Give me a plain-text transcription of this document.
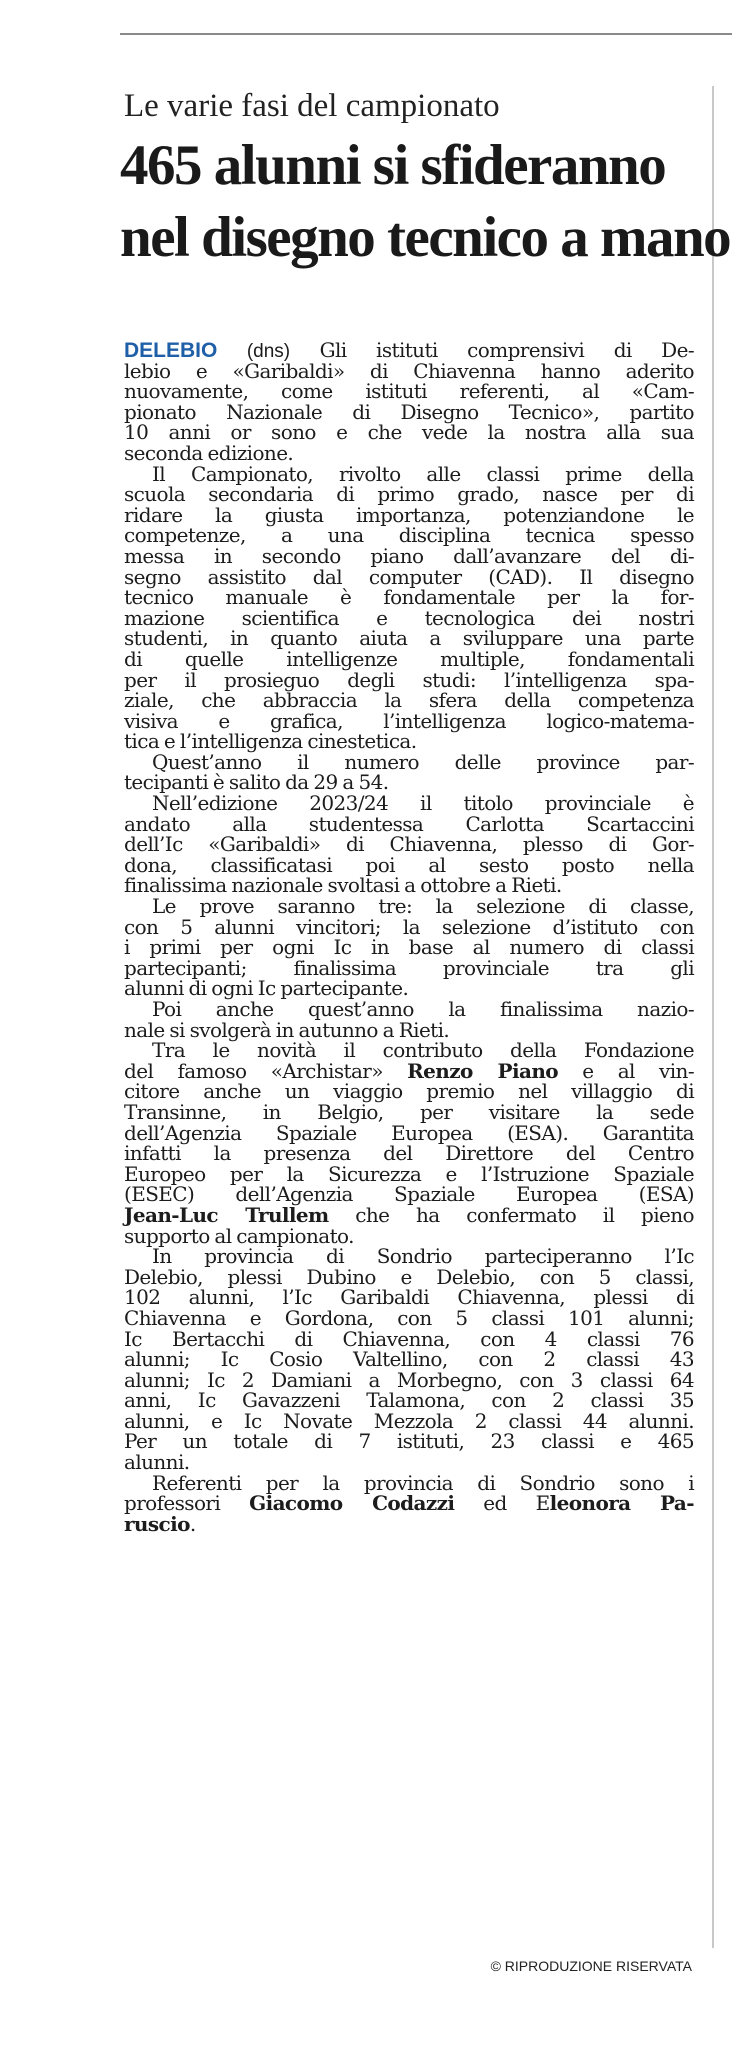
Le varie fasi del campionato
465 alunni si sfideranno
nel disegno tecnico a mano
DELEBIO (dns) Gli istituti comprensivi di De-
lebio e «Garibaldi» di Chiavenna hanno aderito
nuovamente, come istituti referenti, al «Cam-
pionato Nazionale di Disegno Tecnico», partito
10 anni or sono e che vede la nostra alla sua
seconda edizione.
Il Campionato, rivolto alle classi prime della
scuola secondaria di primo grado, nasce per di
ridare la giusta importanza, potenziandone le
competenze, a una disciplina tecnica spesso
messa in secondo piano dall’avanzare del di-
segno assistito dal computer (CAD). Il disegno
tecnico manuale è fondamentale per la for-
mazione scientifica e tecnologica dei nostri
studenti, in quanto aiuta a sviluppare una parte
di quelle intelligenze multiple, fondamentali
per il prosieguo degli studi: l’intelligenza spa-
ziale, che abbraccia la sfera della competenza
visiva e grafica, l’intelligenza logico-matema-
tica e l’intelligenza cinestetica.
Quest’anno il numero delle province par-
tecipanti è salito da 29 a 54.
Nell’edizione 2023/24 il titolo provinciale è
andato alla studentessa Carlotta Scartaccini
dell’Ic «Garibaldi» di Chiavenna, plesso di Gor-
dona, classificatasi poi al sesto posto nella
finalissima nazionale svoltasi a ottobre a Rieti.
Le prove saranno tre: la selezione di classe,
con 5 alunni vincitori; la selezione d’istituto con
i primi per ogni Ic in base al numero di classi
partecipanti; finalissima provinciale tra gli
alunni di ogni Ic partecipante.
Poi anche quest’anno la finalissima nazio-
nale si svolgerà in autunno a Rieti.
Tra le novità il contributo della Fondazione
del famoso «Archistar» Renzo Piano e al vin-
citore anche un viaggio premio nel villaggio di
Transinne, in Belgio, per visitare la sede
dell’Agenzia Spaziale Europea (ESA). Garantita
infatti la presenza del Direttore del Centro
Europeo per la Sicurezza e l’Istruzione Spaziale
(ESEC) dell’Agenzia Spaziale Europea (ESA)
Jean-Luc Trullem che ha confermato il pieno
supporto al campionato.
In provincia di Sondrio parteciperanno l’Ic
Delebio, plessi Dubino e Delebio, con 5 classi,
102 alunni, l’Ic Garibaldi Chiavenna, plessi di
Chiavenna e Gordona, con 5 classi 101 alunni;
Ic Bertacchi di Chiavenna, con 4 classi 76
alunni; Ic Cosio Valtellino, con 2 classi 43
alunni; Ic 2 Damiani a Morbegno, con 3 classi 64
anni, Ic Gavazzeni Talamona, con 2 classi 35
alunni, e Ic Novate Mezzola 2 classi 44 alunni.
Per un totale di 7 istituti, 23 classi e 465
alunni.
Referenti per la provincia di Sondrio sono i
professori Giacomo Codazzi ed Eleonora Pa-
ruscio.
© RIPRODUZIONE RISERVATA
